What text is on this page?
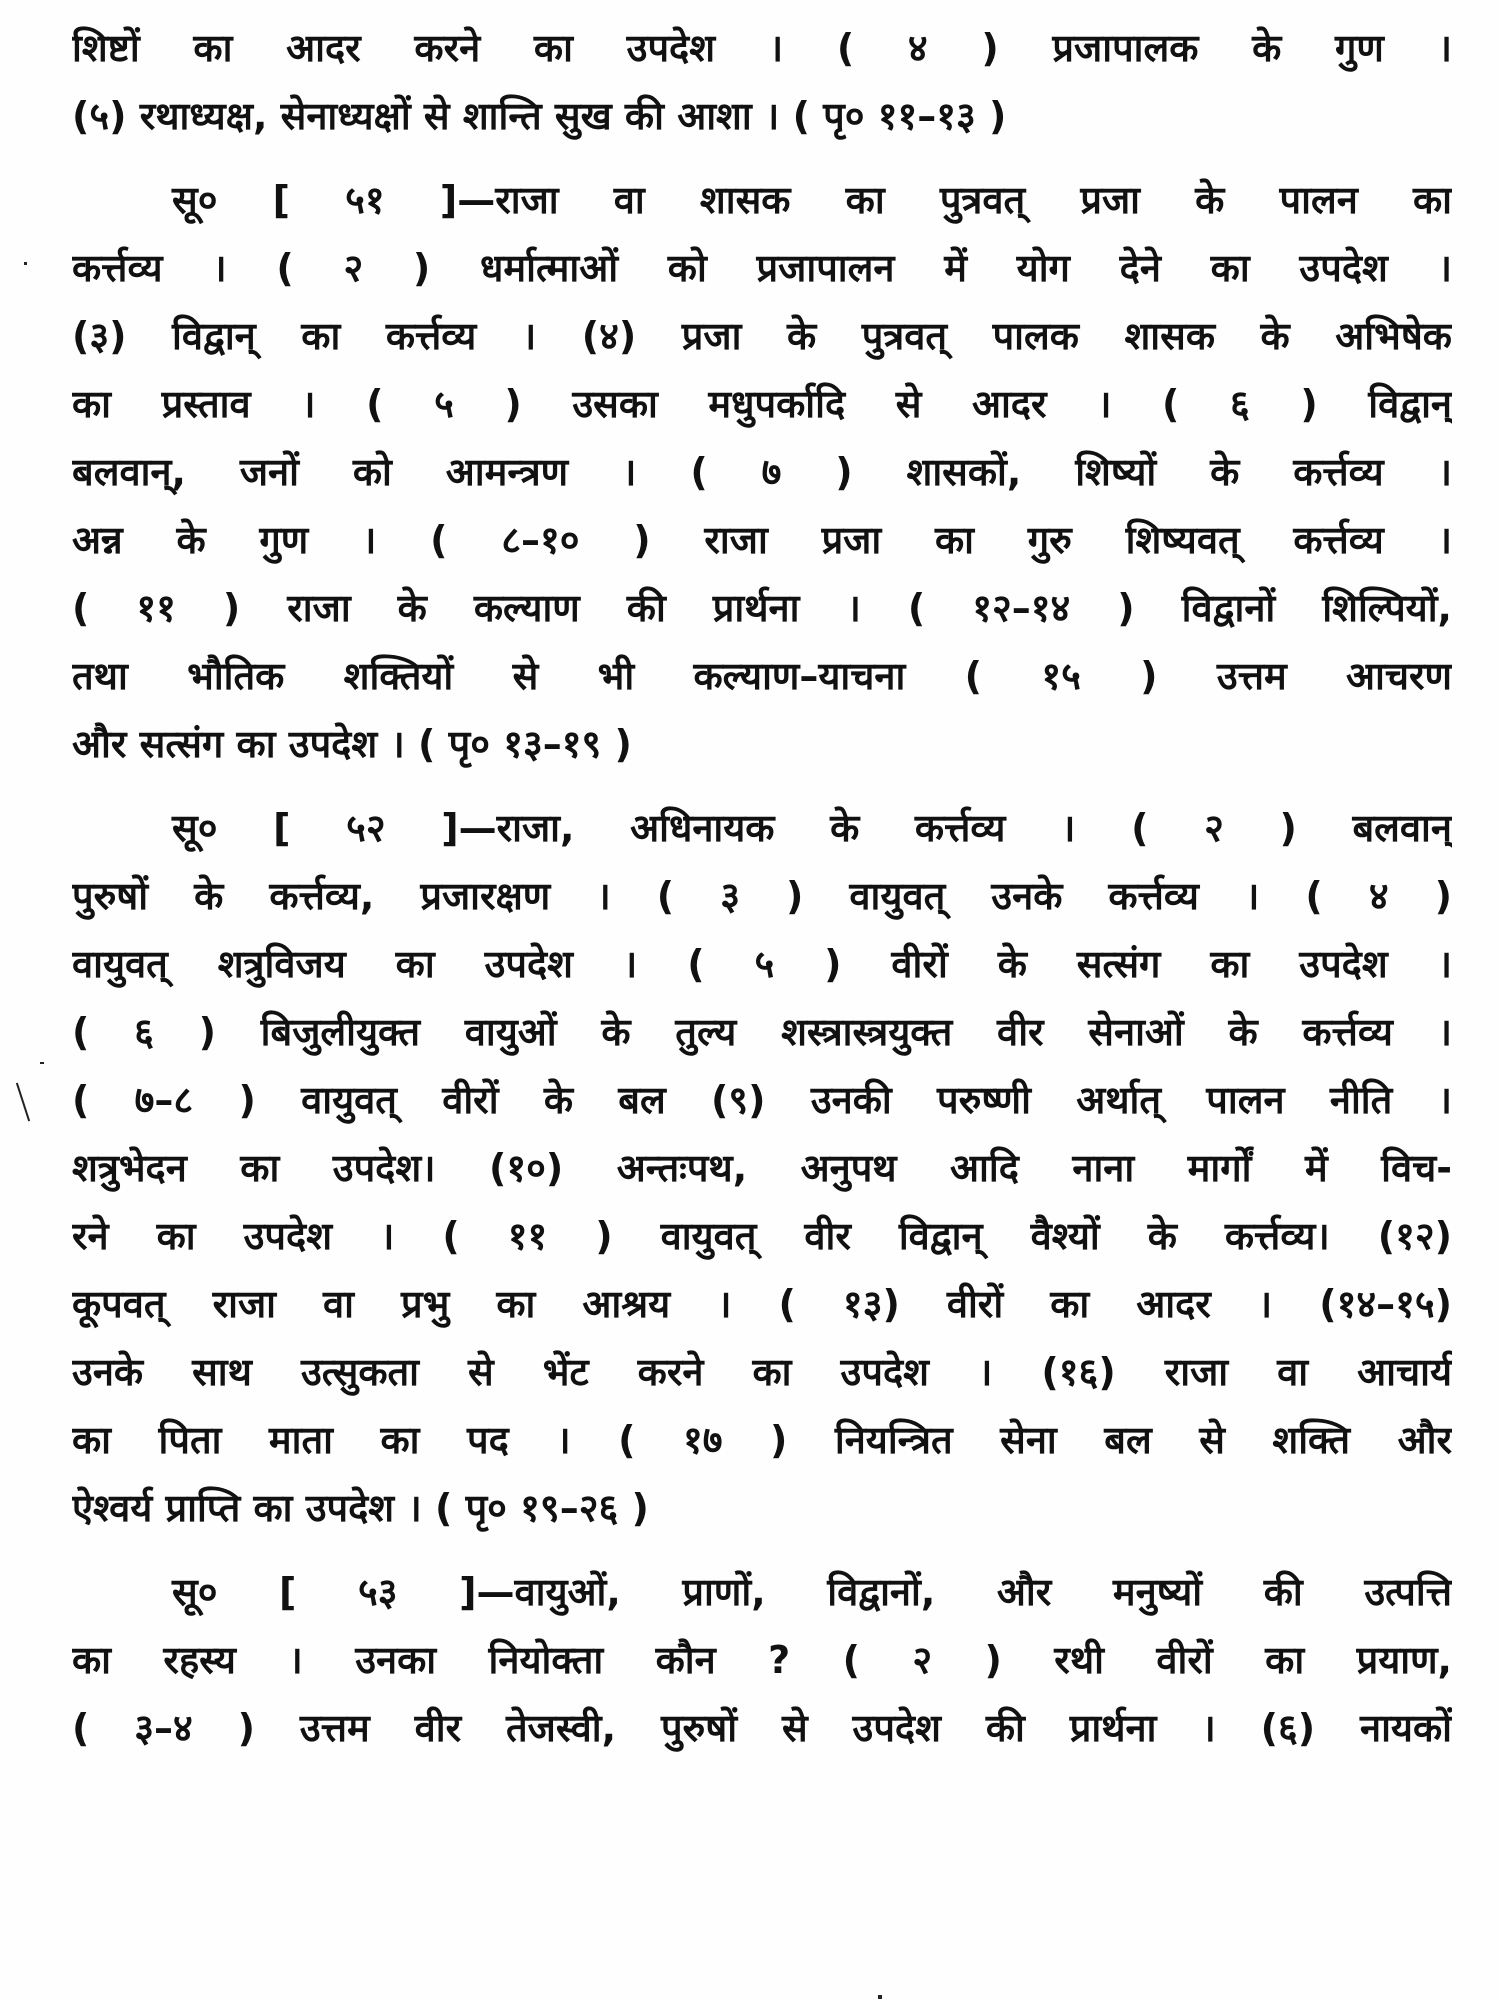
शिष्टों का आदर करने का उपदेश । ( ४ ) प्रजापालक के गुण ।
(५) रथाध्यक्ष, सेनाध्यक्षों से शान्ति सुख की आशा । ( पृ० ११–१३ )
सू० [ ५१ ]—राजा वा शासक का पुत्रवत् प्रजा के पालन का
कर्त्तव्य । ( २ ) धर्मात्माओं को प्रजापालन में योग देने का उपदेश ।
(३) विद्वान् का कर्त्तव्य । (४) प्रजा के पुत्रवत् पालक शासक के अभिषेक
का प्रस्ताव । ( ५ ) उसका मधुपर्कादि से आदर । ( ६ ) विद्वान्
बलवान्, जनों को आमन्त्रण । ( ७ ) शासकों, शिष्यों के कर्त्तव्य ।
अन्न के गुण । ( ८–१० ) राजा प्रजा का गुरु शिष्यवत् कर्त्तव्य ।
( ११ ) राजा के कल्याण की प्रार्थना । ( १२–१४ ) विद्वानों शिल्पियों,
तथा भौतिक शक्तियों से भी कल्याण–याचना ( १५ ) उत्तम आचरण
और सत्संग का उपदेश । ( पृ० १३–१९ )
सू० [ ५२ ]—राजा, अधिनायक के कर्त्तव्य । ( २ ) बलवान्
पुरुषों के कर्त्तव्य, प्रजारक्षण । ( ३ ) वायुवत् उनके कर्त्तव्य । ( ४ )
वायुवत् शत्रुविजय का उपदेश । ( ५ ) वीरों के सत्संग का उपदेश ।
( ६ ) बिजुलीयुक्त वायुओं के तुल्य शस्त्रास्त्रयुक्त वीर सेनाओं के कर्त्तव्य ।
( ७–८ ) वायुवत् वीरों के बल (९) उनकी परुष्णी अर्थात् पालन नीति ।
शत्रुभेदन का उपदेश। (१०) अन्तःपथ, अनुपथ आदि नाना मार्गों में विच-
रने का उपदेश । ( ११ ) वायुवत् वीर विद्वान् वैश्यों के कर्त्तव्य। (१२)
कूपवत् राजा वा प्रभु का आश्रय । ( १३) वीरों का आदर । (१४–१५)
उनके साथ उत्सुकता से भेंट करने का उपदेश । (१६) राजा वा आचार्य
का पिता माता का पद । ( १७ ) नियन्त्रित सेना बल से शक्ति और
ऐश्वर्य प्राप्ति का उपदेश । ( पृ० १९–२६ )
सू० [ ५३ ]—वायुओं, प्राणों, विद्वानों, और मनुष्यों की उत्पत्ति
का रहस्य । उनका नियोक्ता कौन ? ( २ ) रथी वीरों का प्रयाण,
( ३–४ ) उत्तम वीर तेजस्वी, पुरुषों से उपदेश की प्रार्थना । (६) नायकों
